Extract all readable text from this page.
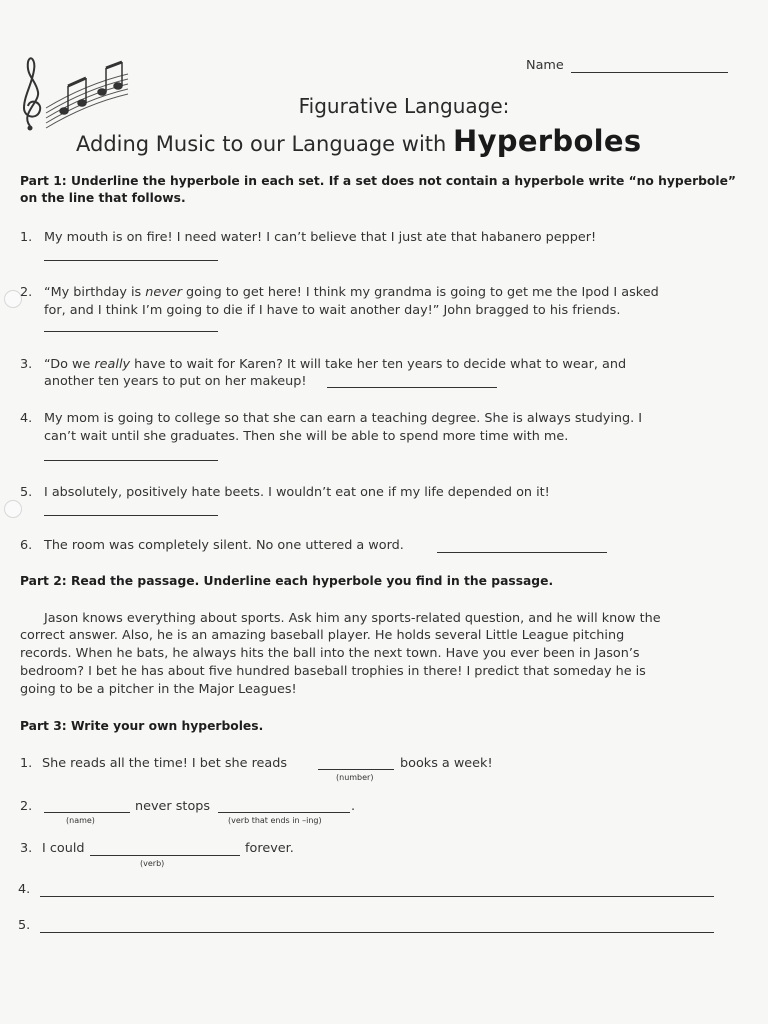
Name
Figurative Language:
Adding Music to our Language with Hyperboles
Part 1: Underline the hyperbole in each set. If a set does not contain a hyperbole write “no hyperbole”
on the line that follows.
1. My mouth is on fire! I need water! I can’t believe that I just ate that habanero pepper!
2. “My birthday is never going to get here! I think my grandma is going to get me the Ipod I asked
for, and I think I’m going to die if I have to wait another day!” John bragged to his friends.
3. “Do we really have to wait for Karen? It will take her ten years to decide what to wear, and
another ten years to put on her makeup!
4. My mom is going to college so that she can earn a teaching degree. She is always studying. I
can’t wait until she graduates. Then she will be able to spend more time with me.
5. I absolutely, positively hate beets. I wouldn’t eat one if my life depended on it!
6. The room was completely silent. No one uttered a word.
Part 2: Read the passage. Underline each hyperbole you find in the passage.
Jason knows everything about sports. Ask him any sports-related question, and he will know the
correct answer. Also, he is an amazing baseball player. He holds several Little League pitching
records. When he bats, he always hits the ball into the next town. Have you ever been in Jason’s
bedroom? I bet he has about five hundred baseball trophies in there! I predict that someday he is
going to be a pitcher in the Major Leagues!
Part 3: Write your own hyperboles.
1. She reads all the time! I bet she reads	books a week!
(number)
2.	never stops	.
(name)	(verb that ends in –ing)
3. I could	forever.
(verb)
4.
5.
